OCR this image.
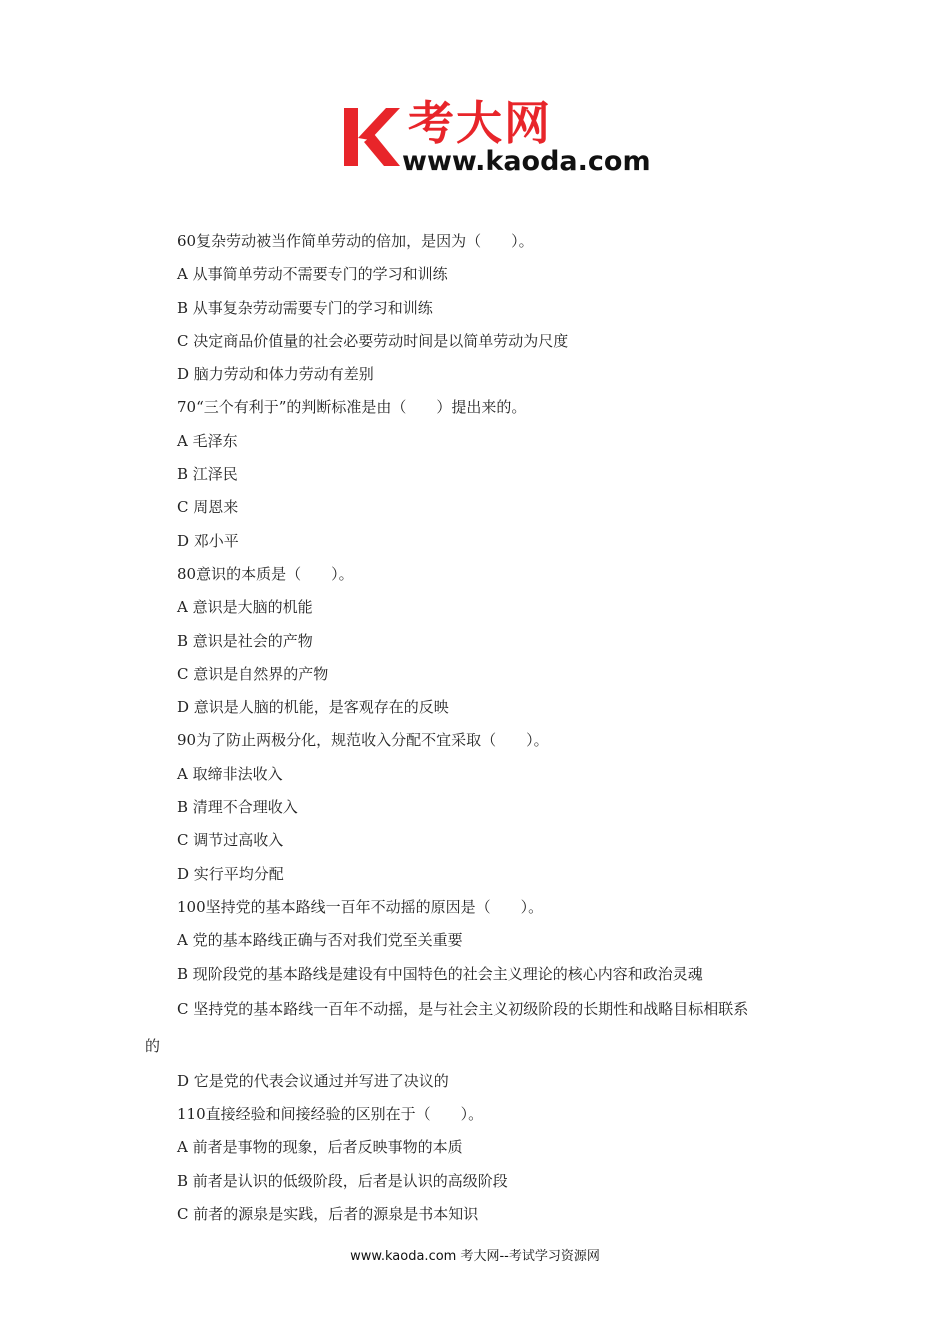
考大网
www.kaoda.com
60复杂劳动被当作简单劳动的倍加，是因为（　　）。
A 从事简单劳动不需要专门的学习和训练
B 从事复杂劳动需要专门的学习和训练
C 决定商品价值量的社会必要劳动时间是以简单劳动为尺度
D 脑力劳动和体力劳动有差别
70“三个有利于”的判断标准是由（　　）提出来的。
A 毛泽东
B 江泽民
C 周恩来
D 邓小平
80意识的本质是（　　）。
A 意识是大脑的机能
B 意识是社会的产物
C 意识是自然界的产物
D 意识是人脑的机能，是客观存在的反映
90为了防止两极分化，规范收入分配不宜采取（　　）。
A 取缔非法收入
B 清理不合理收入
C 调节过高收入
D 实行平均分配
100坚持党的基本路线一百年不动摇的原因是（　　）。
A 党的基本路线正确与否对我们党至关重要
B 现阶段党的基本路线是建设有中国特色的社会主义理论的核心内容和政治灵魂
C 坚持党的基本路线一百年不动摇，是与社会主义初级阶段的长期性和战略目标相联系
的
D 它是党的代表会议通过并写进了决议的
110直接经验和间接经验的区别在于（　　）。
A 前者是事物的现象，后者反映事物的本质
B 前者是认识的低级阶段，后者是认识的高级阶段
C 前者的源泉是实践，后者的源泉是书本知识
www.kaoda.com 考大网--考试学习资源网
